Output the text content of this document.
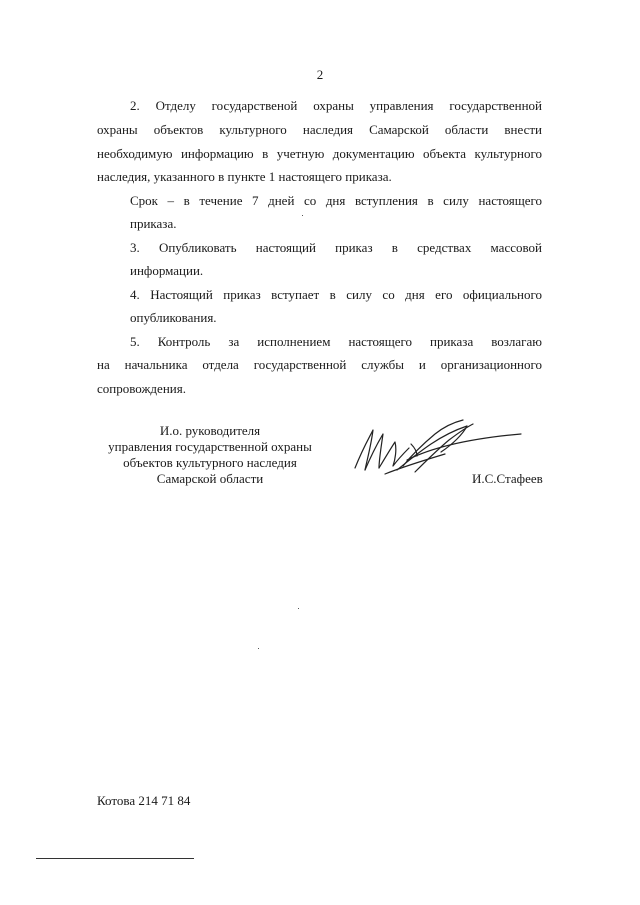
2
2. Отделу государственой охраны управления государственной
охраны объектов культурного наследия Самарской области внести
необходимую информацию в учетную документацию объекта культурного
наследия, указанного в пункте 1 настоящего приказа.
Срок – в течение 7 дней со дня вступления в силу настоящего
приказа.
3. Опубликовать настоящий приказ в средствах массовой
информации.
4. Настоящий приказ вступает в силу со дня его официального
опубликования.
5. Контроль за исполнением настоящего приказа возлагаю
на начальника отдела государственной службы и организационного
сопровождения.
И.о. руководителя
управления государственной охраны
объектов культурного наследия
Самарской области	И.С.Стафеев
Котова 214 71 84
